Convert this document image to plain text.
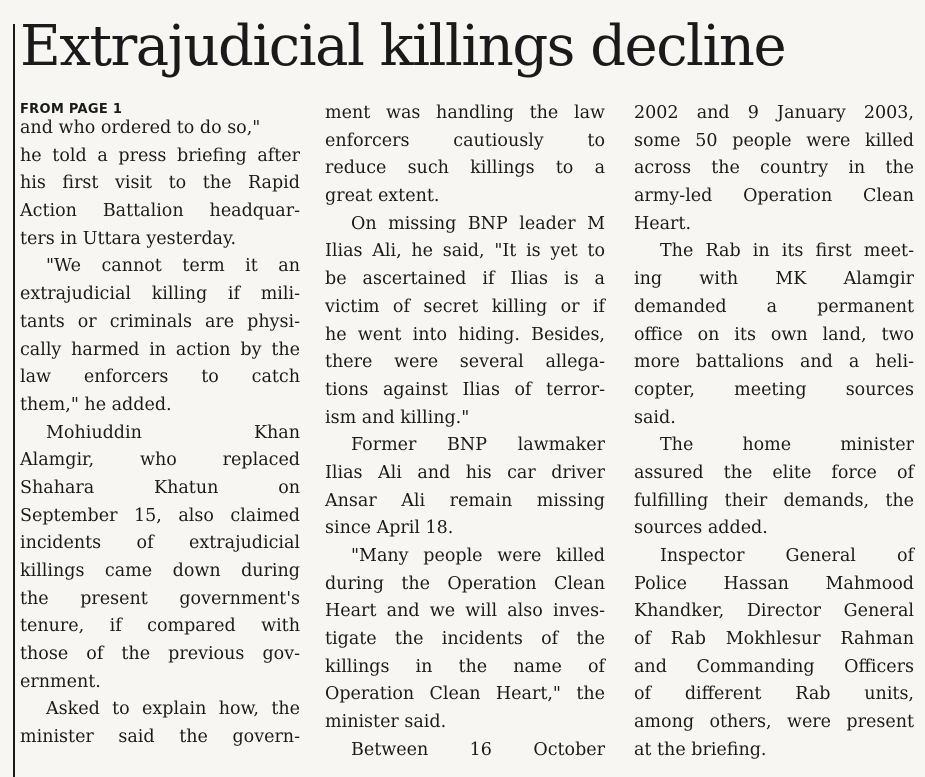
Extrajudicial killings decline
FROM PAGE 1
and who ordered to do so,"
he told a press briefing after
his first visit to the Rapid
Action Battalion headquar-
ters in Uttara yesterday.
"We cannot term it an
extrajudicial killing if mili-
tants or criminals are physi-
cally harmed in action by the
law enforcers to catch
them," he added.
Mohiuddin Khan
Alamgir, who replaced
Shahara Khatun on
September 15, also claimed
incidents of extrajudicial
killings came down during
the present government's
tenure, if compared with
those of the previous gov-
ernment.
Asked to explain how, the
minister said the govern-
ment was handling the law
enforcers cautiously to
reduce such killings to a
great extent.
On missing BNP leader M
Ilias Ali, he said, "It is yet to
be ascertained if Ilias is a
victim of secret killing or if
he went into hiding. Besides,
there were several allega-
tions against Ilias of terror-
ism and killing."
Former BNP lawmaker
Ilias Ali and his car driver
Ansar Ali remain missing
since April 18.
"Many people were killed
during the Operation Clean
Heart and we will also inves-
tigate the incidents of the
killings in the name of
Operation Clean Heart," the
minister said.
Between 16 October
2002 and 9 January 2003,
some 50 people were killed
across the country in the
army-led Operation Clean
Heart.
The Rab in its first meet-
ing with MK Alamgir
demanded a permanent
office on its own land, two
more battalions and a heli-
copter, meeting sources
said.
The home minister
assured the elite force of
fulfilling their demands, the
sources added.
Inspector General of
Police Hassan Mahmood
Khandker, Director General
of Rab Mokhlesur Rahman
and Commanding Officers
of different Rab units,
among others, were present
at the briefing.
